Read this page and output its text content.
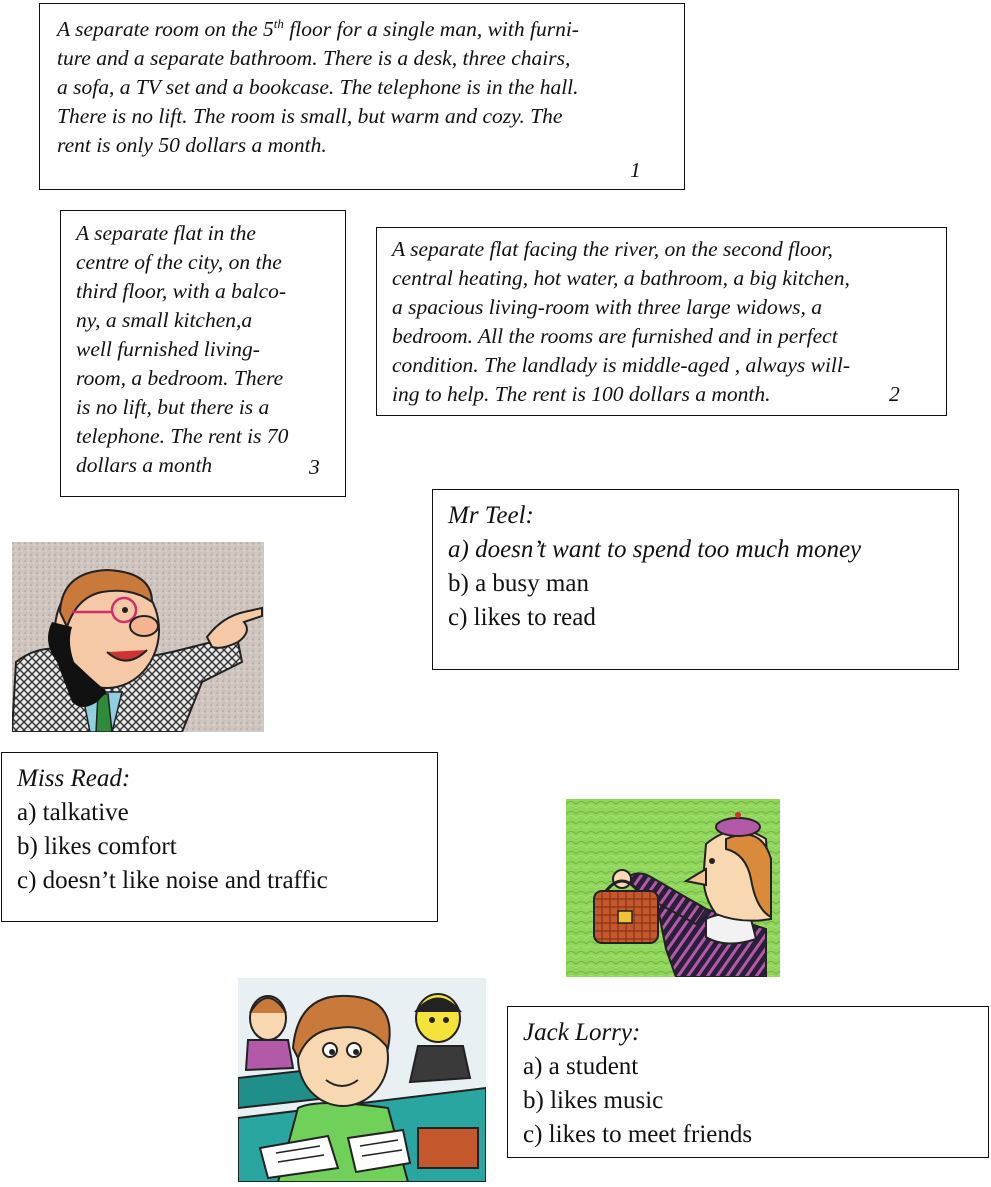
A separate room on the 5th floor for a single man, with furni-
ture and a separate bathroom. There is a desk, three chairs,
a sofa, a TV set and a bookcase. The telephone is in the hall.
There is no lift. The room is small, but warm and cozy. The
rent is only 50 dollars a month.
1
A separate flat in the
centre of the city, on the
third floor, with a balco-
ny, a small kitchen,a
well furnished living-
room, a bedroom. There
is no lift, but there is a
telephone. The rent is 70
dollars a month	3
A separate flat facing the river, on the second floor,
central heating, hot water, a bathroom, a big kitchen,
a spacious living-room with three large widows, a
bedroom. All the rooms are furnished and in perfect
condition. The landlady is middle-aged , always will-
ing to help. The rent is 100 dollars a month.	2
Mr Teel:
a) doesn’t want to spend too much money
b) a busy man
c) likes to read
Miss Read:
a) talkative
b) likes comfort
c) doesn’t like noise and traffic
Jack Lorry:
a) a student
b) likes music
c) likes to meet friends
